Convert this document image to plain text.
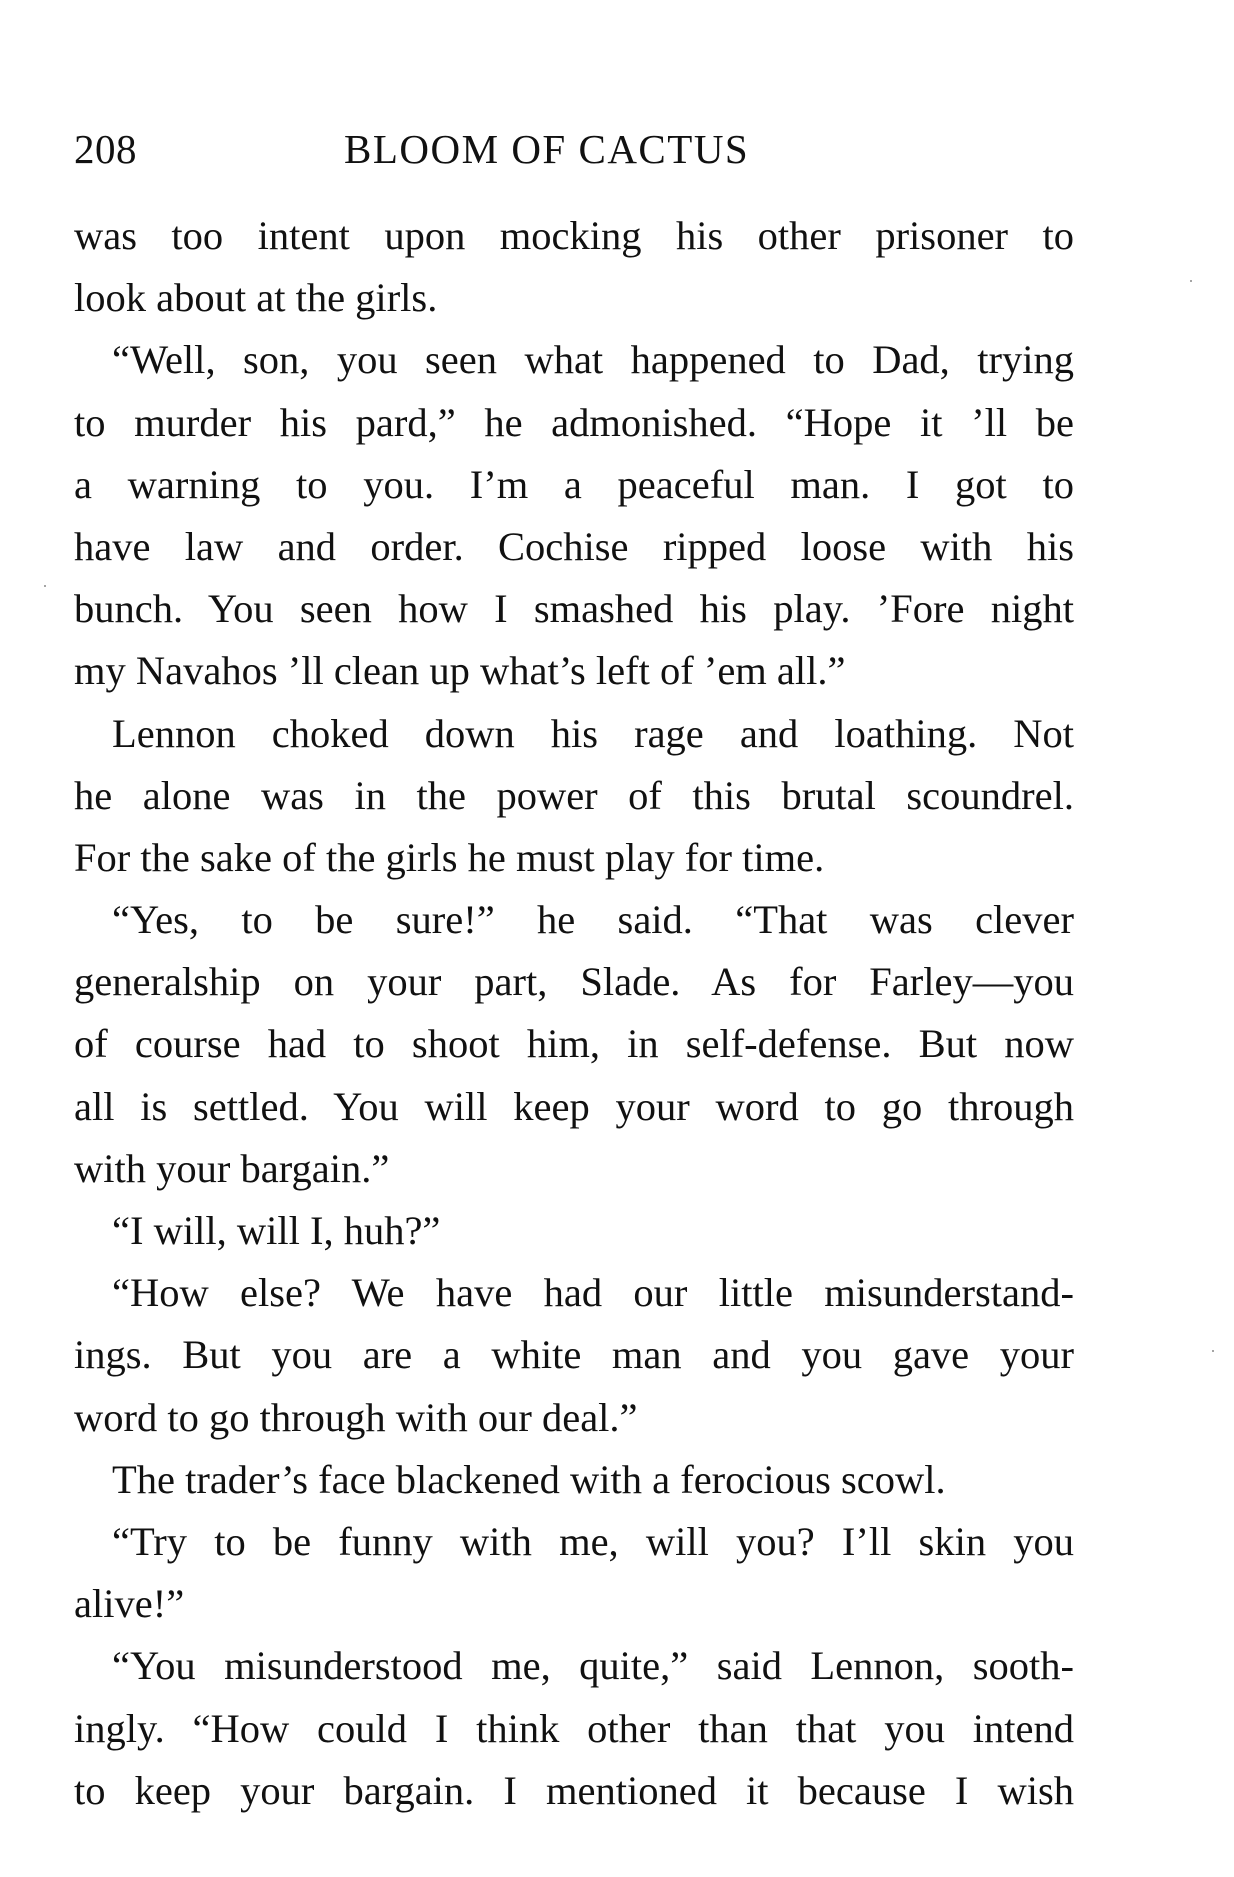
208	BLOOM OF CACTUS
was too intent upon mocking his other prisoner to
look about at the girls.
“Well, son, you seen what happened to Dad, trying
to murder his pard,” he admonished. “Hope it ’ll be
a warning to you. I’m a peaceful man. I got to
have law and order. Cochise ripped loose with his
bunch. You seen how I smashed his play. ’Fore night
my Navahos ’ll clean up what’s left of ’em all.”
Lennon choked down his rage and loathing. Not
he alone was in the power of this brutal scoundrel.
For the sake of the girls he must play for time.
“Yes, to be sure!” he said. “That was clever
generalship on your part, Slade. As for Farley—you
of course had to shoot him, in self-defense. But now
all is settled. You will keep your word to go through
with your bargain.”
“I will, will I, huh?”
“How else? We have had our little misunderstand-
ings. But you are a white man and you gave your
word to go through with our deal.”
The trader’s face blackened with a ferocious scowl.
“Try to be funny with me, will you? I’ll skin you
alive!”
“You misunderstood me, quite,” said Lennon, sooth-
ingly. “How could I think other than that you intend
to keep your bargain. I mentioned it because I wish
